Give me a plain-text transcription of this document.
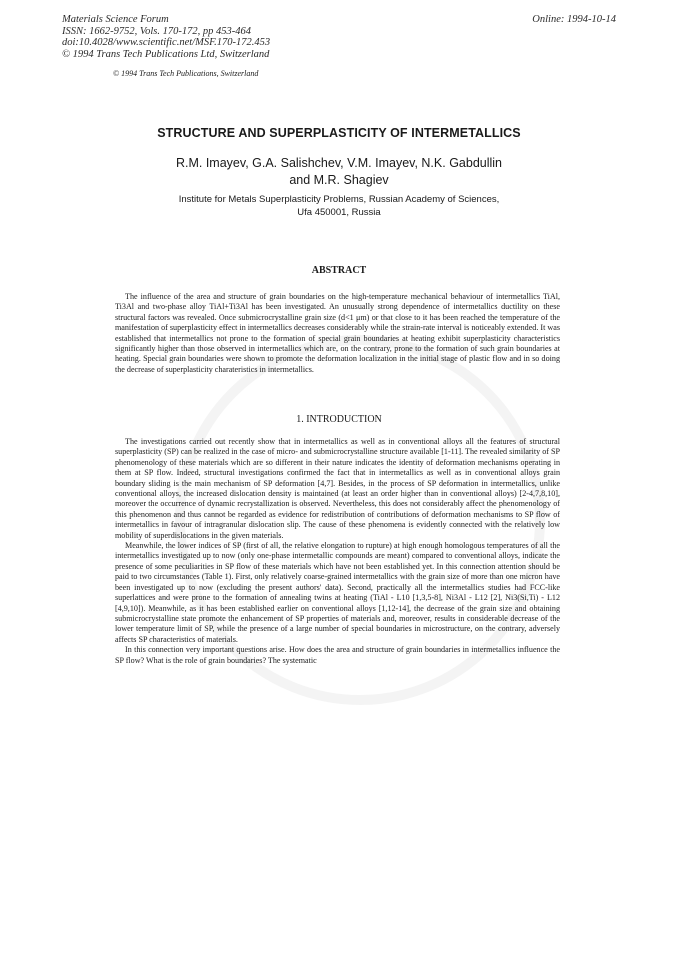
Materials Science Forum
ISSN: 1662-9752, Vols. 170-172, pp 453-464
doi:10.4028/www.scientific.net/MSF.170-172.453
© 1994 Trans Tech Publications Ltd, Switzerland
Online: 1994-10-14
© 1994 Trans Tech Publications, Switzerland
STRUCTURE AND SUPERPLASTICITY OF INTERMETALLICS
R.M. Imayev, G.A. Salishchev, V.M. Imayev, N.K. Gabdullin
and M.R. Shagiev
Institute for Metals Superplasticity Problems, Russian Academy of Sciences,
Ufa 450001, Russia
ABSTRACT

The influence of the area and structure of grain boundaries on the high-temperature mechanical behaviour of intermetallics TiAl, Ti3Al and two-phase alloy TiAl+Ti3Al has been investigated. An unusually strong dependence of intermetallics ductility on these structural factors was revealed. Once submicrocrystalline grain size (d<1 μm) or that close to it has been reached the temperature of the manifestation of superplasticity effect in intermetallics decreases considerably while the strain-rate interval is noticeably extended. It was established that intermetallics not prone to the formation of special grain boundaries at heating exhibit superplasticity characteristics significantly higher than those observed in intermetallics which are, on the contrary, prone to the formation of such grain boundaries at heating. Special grain boundaries were shown to promote the deformation localization in the initial stage of plastic flow and in so doing the decrease of superplasticity charateristics in intermetallics.

1. INTRODUCTION

The investigations carried out recently show that in intermetallics as well as in conventional alloys all the features of structural superplasticity (SP) can be realized in the case of micro- and submicrocrystalline structure available [1-11]. The revealed similarity of SP phenomenology of these materials which are so different in their nature indicates the identity of deformation mechanisms operating in them at SP flow. Indeed, structural investigations confirmed the fact that in intermetallics as well as in conventional alloys grain boundary sliding is the main mechanism of SP deformation [4,7]. Besides, in the process of SP deformation in intermetallics, unlike conventional alloys, the increased dislocation density is maintained (at least an order higher than in conventional alloys) [2-4,7,8,10], moreover the occurrence of dynamic recrystallization is observed. Nevertheless, this does not considerably affect the phenomenology of this phenomenon and thus cannot be regarded as evidence for redistribution of contributions of deformation mechanisms to SP flow of intermetallics in favour of intragranular dislocation slip. The cause of these phenomena is evidently connected with the relatively low mobility of superdislocations in the given materials.

Meanwhile, the lower indices of SP (first of all, the relative elongation to rupture) at high enough homologous temperatures of all the intermetallics investigated up to now (only one-phase intermetallic compounds are meant) compared to conventional alloys, indicate the presence of some peculiarities in SP flow of these materials which have not been established yet. In this connection attention should be paid to two circumstances (Table 1). First, only relatively coarse-grained intermetallics with the grain size of more than one micron have been investigated up to now (excluding the present authors' data). Second, practically all the intermetallics studies had FCC-like superlattices and were prone to the formation of annealing twins at heating (TiAl - L10 [1,3,5-8], Ni3Al - L12 [2], Ni3(Si,Ti) - L12 [4,9,10]). Meanwhile, as it has been established earlier on conventional alloys [1,12-14], the decrease of the grain size and obtaining submicrocrystalline state promote the enhancement of SP properties of materials and, moreover, results in considerable decrease of the lower temperature limit of SP, while the presence of a large number of special boundaries in microstructure, on the contrary, adversely affects SP characteristics of materials.

In this connection very important questions arise. How does the area and structure of grain boundaries in intermetallics influence the SP flow? What is the role of grain boundaries? The systematic
